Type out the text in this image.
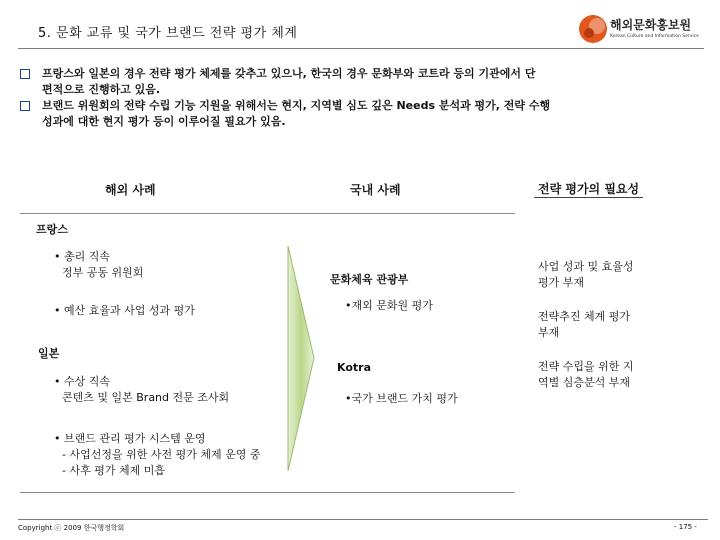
5. 문화 교류 및 국가 브랜드 전략 평가 체계
해외문화홍보원
Korean Culture and Information Service
프랑스와 일본의 경우 전략 평가 체제를 갖추고 있으나, 한국의 경우 문화부와 코트라 등의 기관에서 단
편적으로 진행하고 있음.
브랜드 위원회의 전략 수립 기능 지원을 위해서는 현지, 지역별 심도 깊은 Needs 분석과 평가, 전략 수행
성과에 대한 현지 평가 등이 이루어질 필요가 있음.
해외 사례	국내 사례	전략 평가의 필요성
프랑스
• 총리 직속
정부 공동 위원회
• 예산 효율과 사업 성과 평가
일본
• 수상 직속
콘텐츠 및 일본 Brand 전문 조사회
• 브랜드 관리 평가 시스템 운영
- 사업선정을 위한 사전 평가 체제 운영 중
- 사후 평가 체제 미흡
문화체육 관광부
•재외 문화원 평가
Kotra
•국가 브랜드 가치 평가
사업 성과 및 효율성
평가 부재
전략추진 체계 평가
부재
전략 수립을 위한 지
역별 심층분석 부재
Copyright ⓒ 2009 한국행정학회	- 175 -
